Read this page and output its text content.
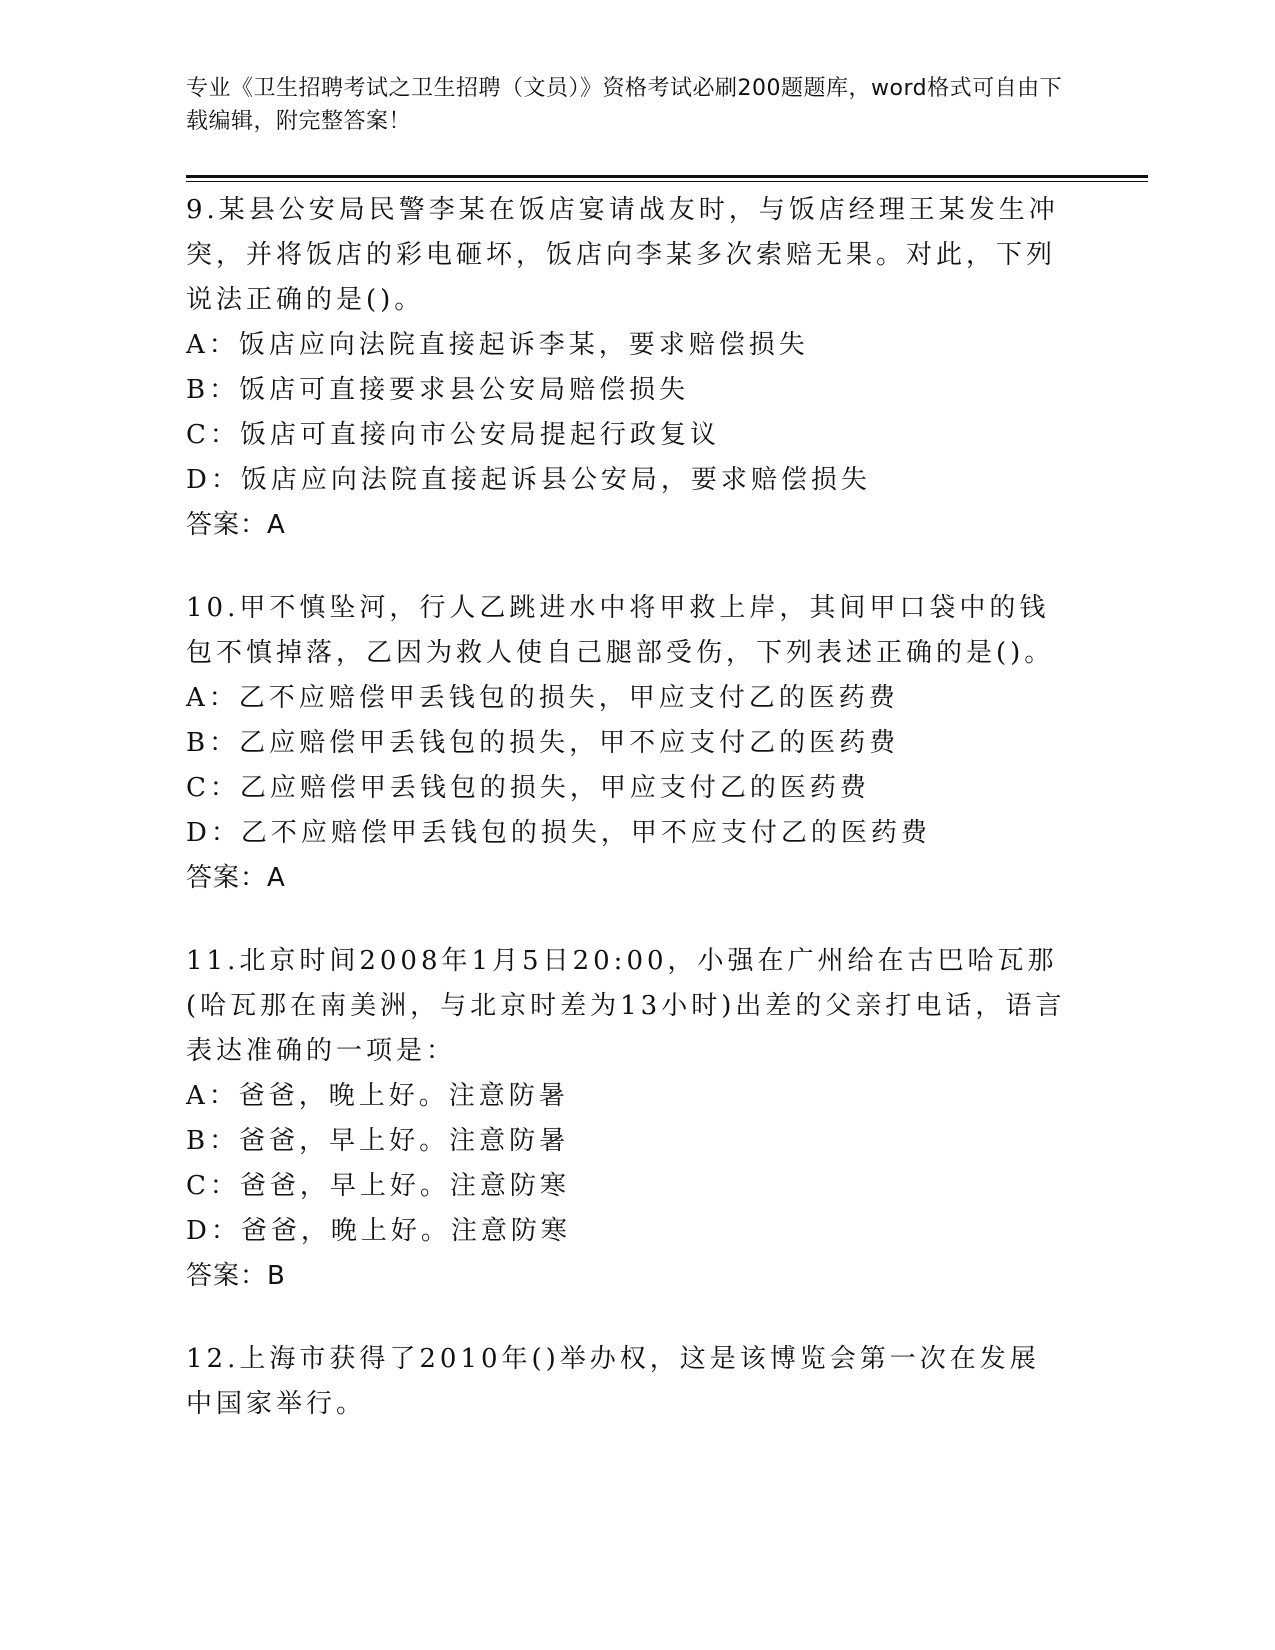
专业《卫生招聘考试之卫生招聘（文员）》资格考试必刷200题题库，word格式可自由下载编辑，附完整答案！
9.某县公安局民警李某在饭店宴请战友时，与饭店经理王某发生冲突，并将饭店的彩电砸坏，饭店向李某多次索赔无果。对此，下列说法正确的是()。
A：饭店应向法院直接起诉李某，要求赔偿损失
B：饭店可直接要求县公安局赔偿损失
C：饭店可直接向市公安局提起行政复议
D：饭店应向法院直接起诉县公安局，要求赔偿损失
答案：A
10.甲不慎坠河，行人乙跳进水中将甲救上岸，其间甲口袋中的钱包不慎掉落，乙因为救人使自己腿部受伤，下列表述正确的是()。
A：乙不应赔偿甲丢钱包的损失，甲应支付乙的医药费
B：乙应赔偿甲丢钱包的损失，甲不应支付乙的医药费
C：乙应赔偿甲丢钱包的损失，甲应支付乙的医药费
D：乙不应赔偿甲丢钱包的损失，甲不应支付乙的医药费
答案：A
11.北京时间2008年1月5日20:00，小强在广州给在古巴哈瓦那(哈瓦那在南美洲，与北京时差为13小时)出差的父亲打电话，语言表达准确的一项是：
A：爸爸，晚上好。注意防暑
B：爸爸，早上好。注意防暑
C：爸爸，早上好。注意防寒
D：爸爸，晚上好。注意防寒
答案：B
12.上海市获得了2010年()举办权，这是该博览会第一次在发展中国家举行。
